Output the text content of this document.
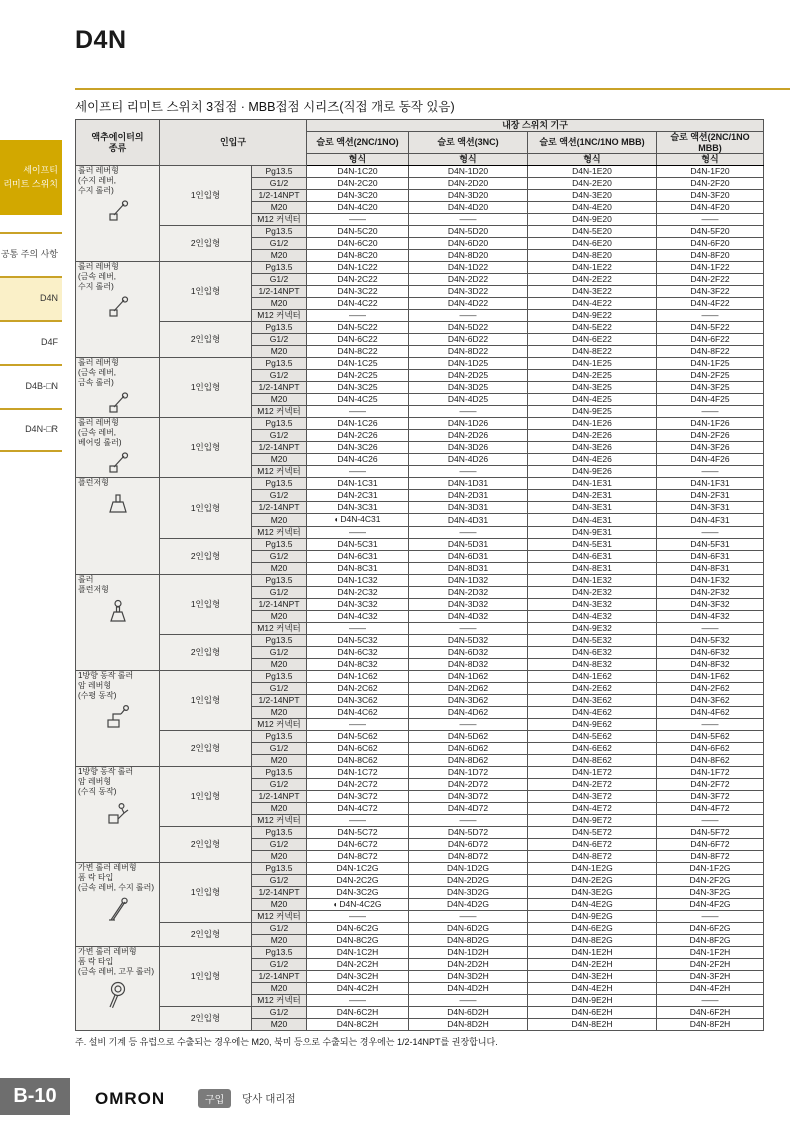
D4N
세이프티
리미트 스위치
공통 주의 사항
D4N
D4F
D4B-□N
D4N-□R
세이프티 리미트 스위치 3접점 · MBB접점 시리즈(직접 개로 동작 있음)
액추에이터의
종류	인입구		내장 스위치 기구			
			슬로 액션(2NC/1NO)	슬로 액션(3NC)	슬로 액션(1NC/1NO MBB)	슬로 액션(2NC/1NO MBB)
			형식	형식	형식	형식

롤러 레버형
(수지 레버,
수지 롤러)	1인입형	Pg13.5	D4N-1C20	D4N-1D20	D4N-1E20	D4N-1F20
		G1/2	D4N-2C20	D4N-2D20	D4N-2E20	D4N-2F20
		1/2-14NPT	D4N-3C20	D4N-3D20	D4N-3E20	D4N-3F20
		M20	D4N-4C20	D4N-4D20	D4N-4E20	D4N-4F20
		M12 커넥터	——	——	D4N-9E20	——
	2인입형	Pg13.5	D4N-5C20	D4N-5D20	D4N-5E20	D4N-5F20
		G1/2	D4N-6C20	D4N-6D20	D4N-6E20	D4N-6F20
		M20	D4N-8C20	D4N-8D20	D4N-8E20	D4N-8F20

롤러 레버형
(금속 레버,
수지 롤러)	1인입형	Pg13.5	D4N-1C22	D4N-1D22	D4N-1E22	D4N-1F22
		G1/2	D4N-2C22	D4N-2D22	D4N-2E22	D4N-2F22
		1/2-14NPT	D4N-3C22	D4N-3D22	D4N-3E22	D4N-3F22
		M20	D4N-4C22	D4N-4D22	D4N-4E22	D4N-4F22
		M12 커넥터	——	——	D4N-9E22	——
	2인입형	Pg13.5	D4N-5C22	D4N-5D22	D4N-5E22	D4N-5F22
		G1/2	D4N-6C22	D4N-6D22	D4N-6E22	D4N-6F22
		M20	D4N-8C22	D4N-8D22	D4N-8E22	D4N-8F22

롤러 레버형
(금속 레버,
금속 롤러)	1인입형	Pg13.5	D4N-1C25	D4N-1D25	D4N-1E25	D4N-1F25
		G1/2	D4N-2C25	D4N-2D25	D4N-2E25	D4N-2F25
		1/2-14NPT	D4N-3C25	D4N-3D25	D4N-3E25	D4N-3F25
		M20	D4N-4C25	D4N-4D25	D4N-4E25	D4N-4F25
		M12 커넥터	——	——	D4N-9E25	——

롤러 레버형
(금속 레버,
베어링 롤러)	1인입형	Pg13.5	D4N-1C26	D4N-1D26	D4N-1E26	D4N-1F26
		G1/2	D4N-2C26	D4N-2D26	D4N-2E26	D4N-2F26
		1/2-14NPT	D4N-3C26	D4N-3D26	D4N-3E26	D4N-3F26
		M20	D4N-4C26	D4N-4D26	D4N-4E26	D4N-4F26
		M12 커넥터	——	——	D4N-9E26	——

플런저형	1인입형	Pg13.5	D4N-1C31	D4N-1D31	D4N-1E31	D4N-1F31
		G1/2	D4N-2C31	D4N-2D31	D4N-2E31	D4N-2F31
		1/2-14NPT	D4N-3C31	D4N-3D31	D4N-3E31	D4N-3F31
		M20	◐D4N-4C31	D4N-4D31	D4N-4E31	D4N-4F31
		M12 커넥터	——	——	D4N-9E31	——
	2인입형	Pg13.5	D4N-5C31	D4N-5D31	D4N-5E31	D4N-5F31
		G1/2	D4N-6C31	D4N-6D31	D4N-6E31	D4N-6F31
		M20	D4N-8C31	D4N-8D31	D4N-8E31	D4N-8F31

롤러
플런저형	1인입형	Pg13.5	D4N-1C32	D4N-1D32	D4N-1E32	D4N-1F32
		G1/2	D4N-2C32	D4N-2D32	D4N-2E32	D4N-2F32
		1/2-14NPT	D4N-3C32	D4N-3D32	D4N-3E32	D4N-3F32
		M20	D4N-4C32	D4N-4D32	D4N-4E32	D4N-4F32
		M12 커넥터	——	——	D4N-9E32	——
	2인입형	Pg13.5	D4N-5C32	D4N-5D32	D4N-5E32	D4N-5F32
		G1/2	D4N-6C32	D4N-6D32	D4N-6E32	D4N-6F32
		M20	D4N-8C32	D4N-8D32	D4N-8E32	D4N-8F32

1방향 동작 롤러
암 레버형
(수평 동작)	1인입형	Pg13.5	D4N-1C62	D4N-1D62	D4N-1E62	D4N-1F62
		G1/2	D4N-2C62	D4N-2D62	D4N-2E62	D4N-2F62
		1/2-14NPT	D4N-3C62	D4N-3D62	D4N-3E62	D4N-3F62
		M20	D4N-4C62	D4N-4D62	D4N-4E62	D4N-4F62
		M12 커넥터	——	——	D4N-9E62	——
	2인입형	Pg13.5	D4N-5C62	D4N-5D62	D4N-5E62	D4N-5F62
		G1/2	D4N-6C62	D4N-6D62	D4N-6E62	D4N-6F62
		M20	D4N-8C62	D4N-8D62	D4N-8E62	D4N-8F62

1방향 동작 롤러
암 레버형
(수직 동작)	1인입형	Pg13.5	D4N-1C72	D4N-1D72	D4N-1E72	D4N-1F72
		G1/2	D4N-2C72	D4N-2D72	D4N-2E72	D4N-2F72
		1/2-14NPT	D4N-3C72	D4N-3D72	D4N-3E72	D4N-3F72
		M20	D4N-4C72	D4N-4D72	D4N-4E72	D4N-4F72
		M12 커넥터	——	——	D4N-9E72	——
	2인입형	Pg13.5	D4N-5C72	D4N-5D72	D4N-5E72	D4N-5F72
		G1/2	D4N-6C72	D4N-6D72	D4N-6E72	D4N-6F72
		M20	D4N-8C72	D4N-8D72	D4N-8E72	D4N-8F72

가변 롤러 레버형
폼 락 타입
(금속 레버, 수지 롤러)	1인입형	Pg13.5	D4N-1C2G	D4N-1D2G	D4N-1E2G	D4N-1F2G
		G1/2	D4N-2C2G	D4N-2D2G	D4N-2E2G	D4N-2F2G
		1/2-14NPT	D4N-3C2G	D4N-3D2G	D4N-3E2G	D4N-3F2G
		M20	◐D4N-4C2G	D4N-4D2G	D4N-4E2G	D4N-4F2G
		M12 커넥터	——	——	D4N-9E2G	——
	2인입형	G1/2	D4N-6C2G	D4N-6D2G	D4N-6E2G	D4N-6F2G
		M20	D4N-8C2G	D4N-8D2G	D4N-8E2G	D4N-8F2G

가변 롤러 레버형
폼 락 타입
(금속 레버, 고무 롤러)	1인입형	Pg13.5	D4N-1C2H	D4N-1D2H	D4N-1E2H	D4N-1F2H
		G1/2	D4N-2C2H	D4N-2D2H	D4N-2E2H	D4N-2F2H
		1/2-14NPT	D4N-3C2H	D4N-3D2H	D4N-3E2H	D4N-3F2H
		M20	D4N-4C2H	D4N-4D2H	D4N-4E2H	D4N-4F2H
		M12 커넥터	——	——	D4N-9E2H	——
	2인입형	G1/2	D4N-6C2H	D4N-6D2H	D4N-6E2H	D4N-6F2H
		M20	D4N-8C2H	D4N-8D2H	D4N-8E2H	D4N-8F2H
주. 설비 기계 등 유럽으로 수출되는 경우에는 M20, 북미 등으로 수출되는 경우에는 1/2-14NPT를 권장합니다.
B-10	OMRON	구입	당사 대리점
